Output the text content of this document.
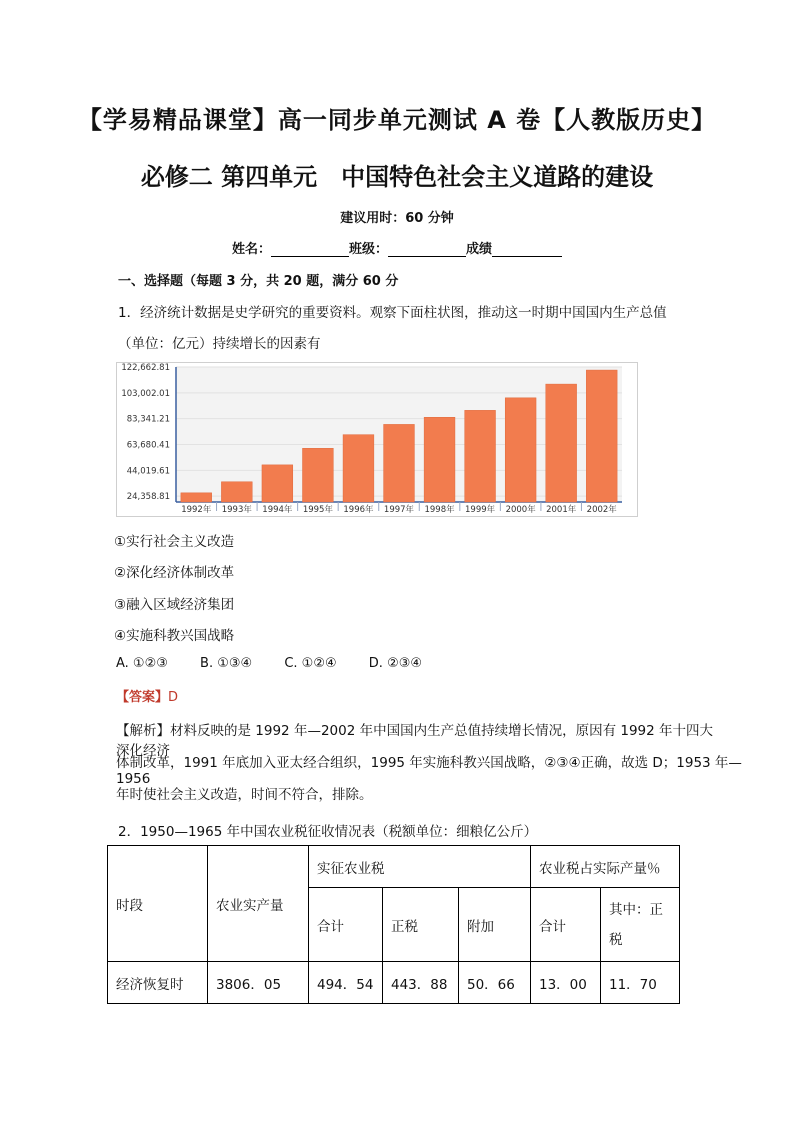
【学易精品课堂】高一同步单元测试 A 卷【人教版历史】
必修二 第四单元　中国特色社会主义道路的建设
建议用时：60 分钟
姓名：	班级：	成绩
一、选择题（每题 3 分，共 20 题，满分 60 分
1．经济统计数据是史学研究的重要资料。观察下面柱状图，推动这一时期中国国内生产总值
（单位：亿元）持续增长的因素有
122,662.81
103,002.01
83,341.21
63,680.41
44,019.61
24,358.81
1992年 1993年 1994年 1995年 1996年 1997年 1998年 1999年 2000年 2001年 2002年
①实行社会主义改造
②深化经济体制改革
③融入区域经济集团
④实施科教兴国战略
A. ①②③ B. ①③④ C. ①②④ D. ②③④
【答案】D
【解析】材料反映的是 1992 年—2002 年中国国内生产总值持续增长情况，原因有 1992 年十四大深化经济
体制改革，1991 年底加入亚太经合组织，1995 年实施科教兴国战略，②③④正确，故选 D；1953 年—1956
年时使社会主义改造，时间不符合，排除。
2．1950—1965 年中国农业税征收情况表（税额单位：细粮亿公斤）
时段	农业实产量	实征农业税			农业税占实际产量％	
		合计	正税	附加	合计	其中：正税
经济恢复时	3806．05	494．54	443．88	50．66	13．00	11．70
